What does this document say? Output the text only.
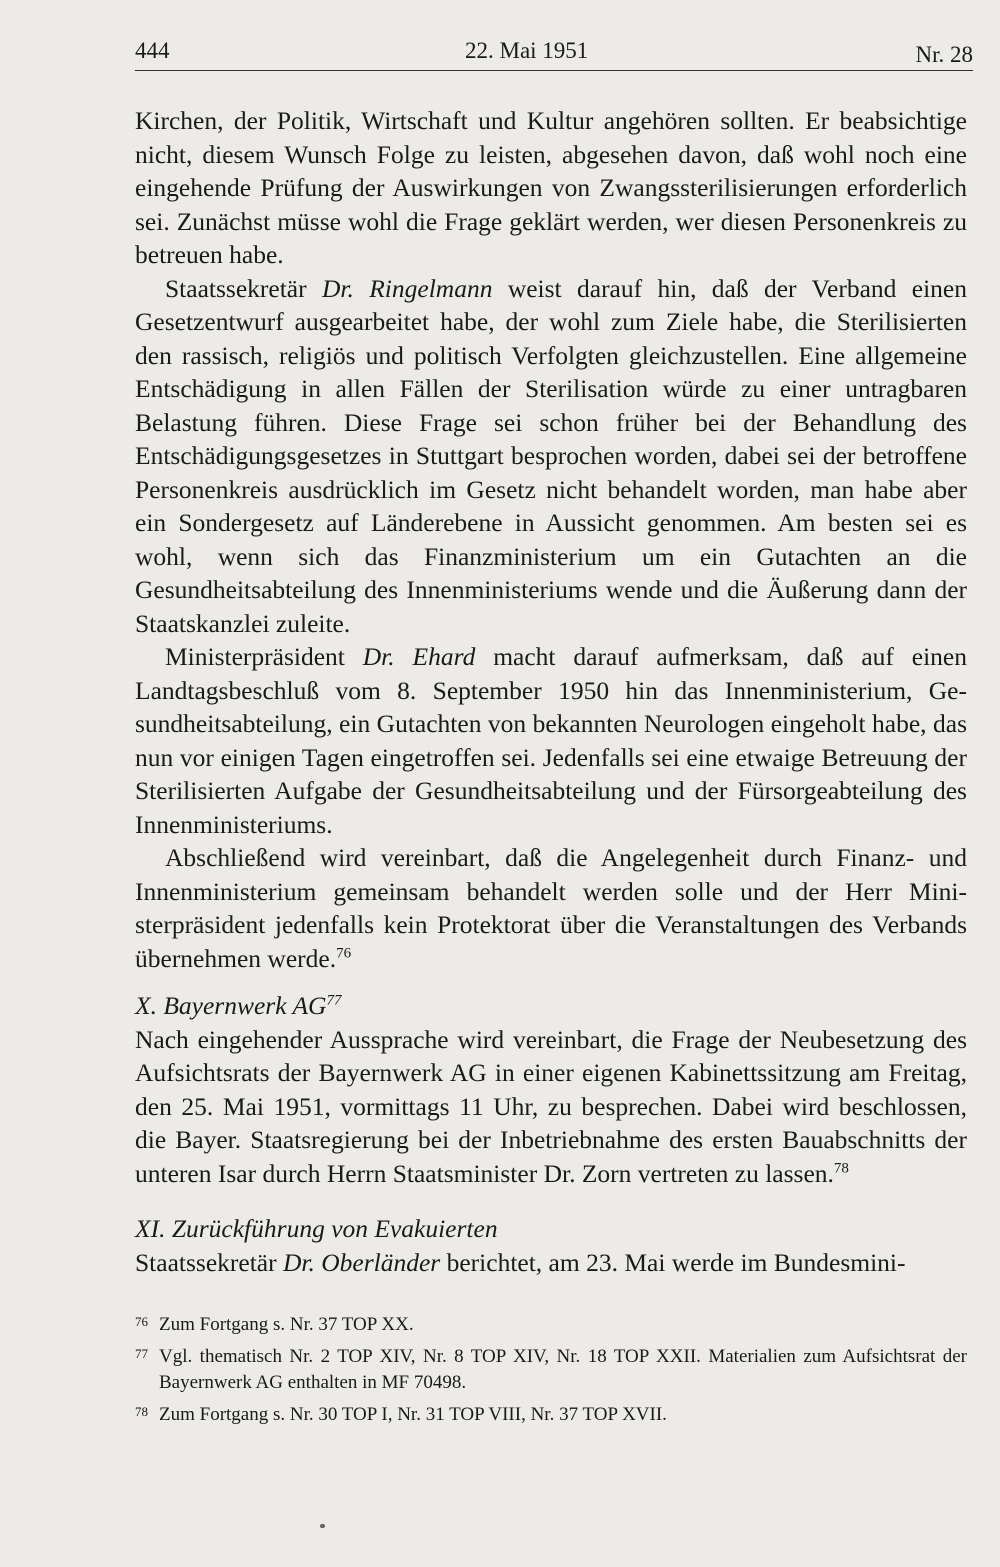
444	22. Mai 1951	Nr. 28

Kirchen, der Politik, Wirtschaft und Kultur angehören sollten. Er beabsichtige nicht, diesem Wunsch Folge zu leisten, abgesehen davon, daß wohl noch eine eingehende Prüfung der Auswirkungen von Zwangssterilisierungen erforderlich sei. Zunächst müsse wohl die Frage geklärt werden, wer diesen Personenkreis zu betreuen habe.

Staatssekretär Dr. Ringelmann weist darauf hin, daß der Verband einen Gesetzentwurf ausgearbeitet habe, der wohl zum Ziele habe, die Sterilisierten den rassisch, religiös und politisch Verfolgten gleichzustellen. Eine allgemeine Entschädigung in allen Fällen der Sterilisation würde zu einer untragbaren Belastung führen. Diese Frage sei schon früher bei der Behandlung des Entschädigungsgesetzes in Stuttgart besprochen worden, dabei sei der betroffene Personenkreis ausdrücklich im Gesetz nicht behandelt worden, man habe aber ein Sondergesetz auf Länderebene in Aussicht genommen. Am besten sei es wohl, wenn sich das Finanzministerium um ein Gutachten an die Gesundheitsabteilung des Innenministeriums wende und die Äußerung dann der Staatskanzlei zuleite.

Ministerpräsident Dr. Ehard macht darauf aufmerksam, daß auf einen Landtagsbeschluß vom 8. September 1950 hin das Innenministerium, Gesundheitsabteilung, ein Gutachten von bekannten Neurologen eingeholt habe, das nun vor einigen Tagen eingetroffen sei. Jedenfalls sei eine etwaige Betreuung der Sterilisierten Aufgabe der Gesundheitsabteilung und der Fürsorgeabteilung des Innenministeriums.

Abschließend wird vereinbart, daß die Angelegenheit durch Finanz- und Innenministerium gemeinsam behandelt werden solle und der Herr Ministerpräsident jedenfalls kein Protektorat über die Veranstaltungen des Verbands übernehmen werde.$^{76}$

X. Bayernwerk AG$^{77}$

Nach eingehender Aussprache wird vereinbart, die Frage der Neubesetzung des Aufsichtsrats der Bayernwerk AG in einer eigenen Kabinettssitzung am Freitag, den 25. Mai 1951, vormittags 11 Uhr, zu besprechen. Dabei wird beschlossen, die Bayer. Staatsregierung bei der Inbetriebnahme des ersten Bauabschnitts der unteren Isar durch Herrn Staatsminister Dr. Zorn vertreten zu lassen.$^{78}$

XI. Zurückführung von Evakuierten

Staatssekretär Dr. Oberländer berichtet, am 23. Mai werde im Bundesmini-

76 Zum Fortgang s. Nr. 37 TOP XX.

77 Vgl. thematisch Nr. 2 TOP XIV, Nr. 8 TOP XIV, Nr. 18 TOP XXII. Materialien zum Aufsichtsrat der Bayernwerk AG enthalten in MF 70498.

78 Zum Fortgang s. Nr. 30 TOP I, Nr. 31 TOP VIII, Nr. 37 TOP XVII.
